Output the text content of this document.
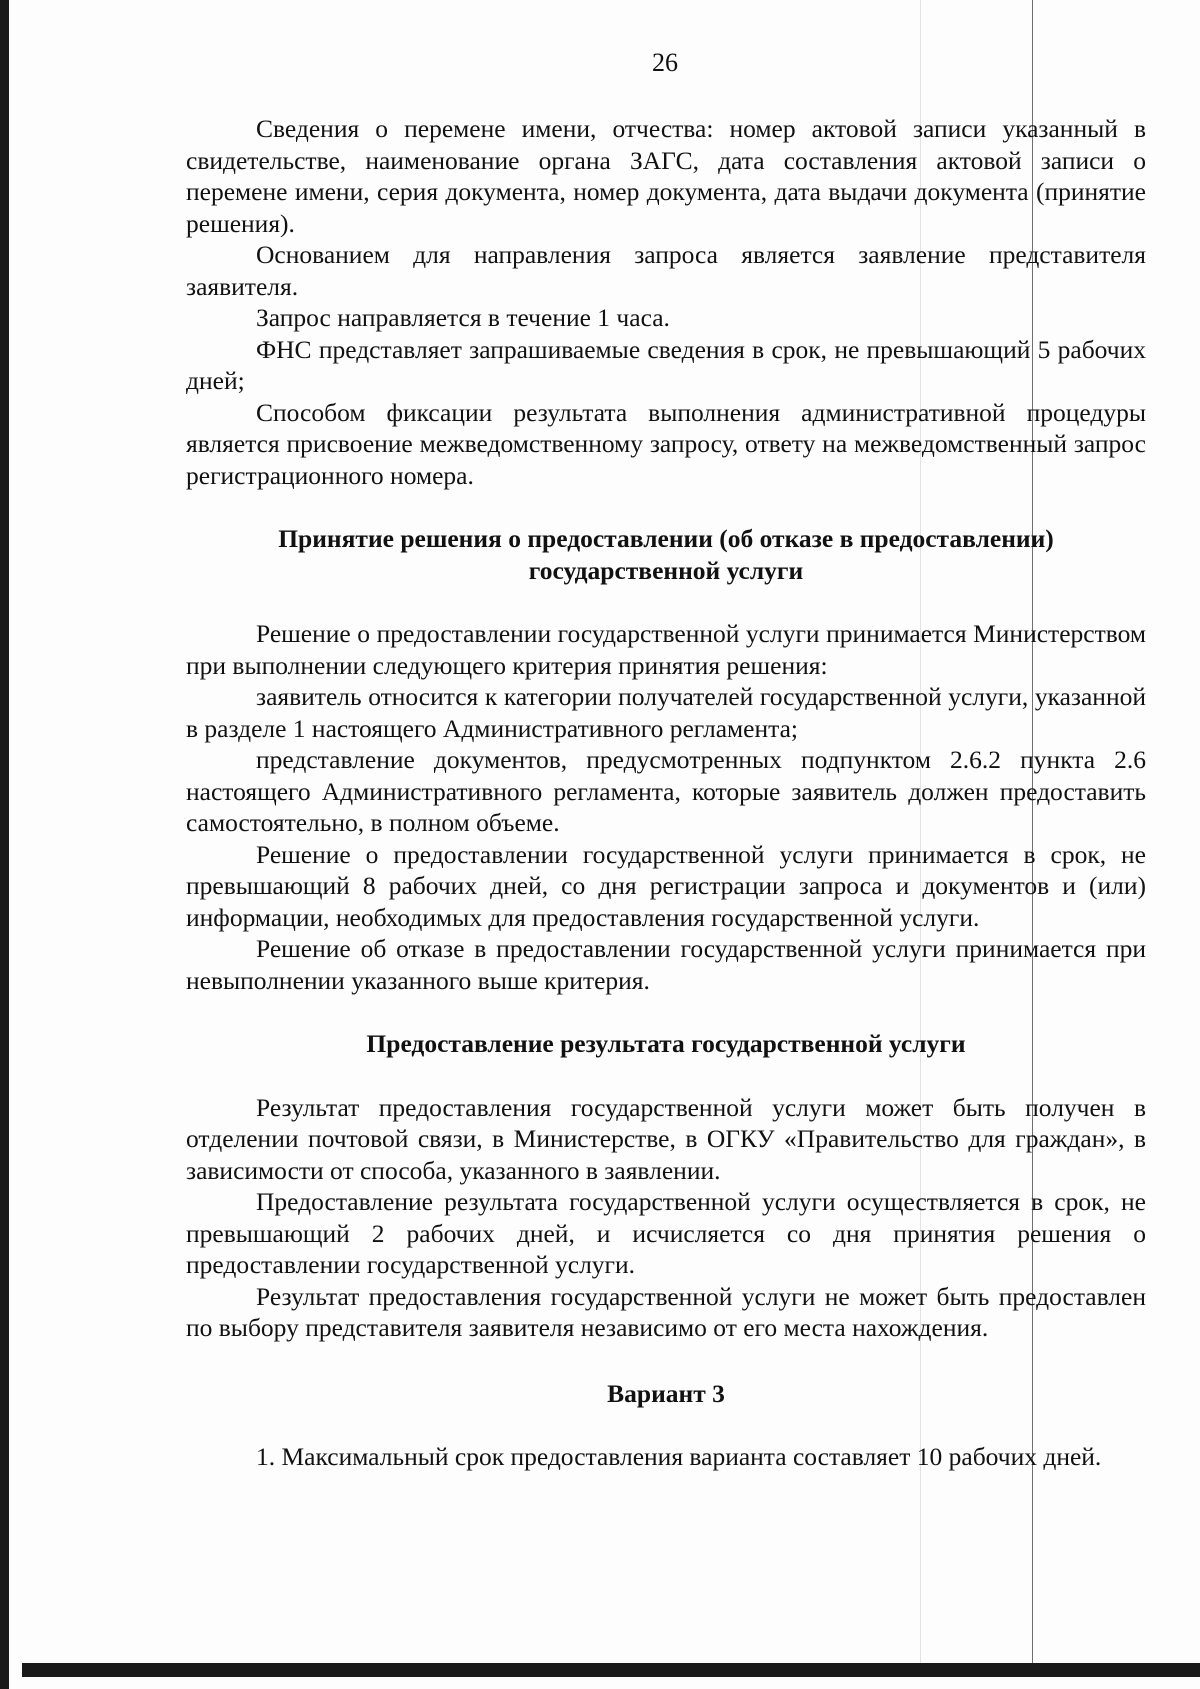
26

Сведения о перемене имени, отчества: номер актовой записи указанный в свидетельстве, наименование органа ЗАГС, дата составления актовой записи о перемене имени, серия документа, номер документа, дата выдачи документа (принятие решения).

Основанием для направления запроса является заявление представителя заявителя.

Запрос направляется в течение 1 часа.

ФНС представляет запрашиваемые сведения в срок, не превышающий 5 рабочих дней;

Способом фиксации результата выполнения административной процедуры является присвоение межведомственному запросу, ответу на межведомственный запрос регистрационного номера.

Принятие решения о предоставлении (об отказе в предоставлении) государственной услуги

Решение о предоставлении государственной услуги принимается Министерством при выполнении следующего критерия принятия решения:

заявитель относится к категории получателей государственной услуги, указанной в разделе 1 настоящего Административного регламента;

представление документов, предусмотренных подпунктом 2.6.2 пункта 2.6 настоящего Административного регламента, которые заявитель должен предоставить самостоятельно, в полном объеме.

Решение о предоставлении государственной услуги принимается в срок, не превышающий 8 рабочих дней, со дня регистрации запроса и документов и (или) информации, необходимых для предоставления государственной услуги.

Решение об отказе в предоставлении государственной услуги принимается при невыполнении указанного выше критерия.

Предоставление результата государственной услуги

Результат предоставления государственной услуги может быть получен в отделении почтовой связи, в Министерстве, в ОГКУ «Правительство для граждан», в зависимости от способа, указанного в заявлении.

Предоставление результата государственной услуги осуществляется в срок, не превышающий 2 рабочих дней, и исчисляется со дня принятия решения о предоставлении государственной услуги.

Результат предоставления государственной услуги не может быть предоставлен по выбору представителя заявителя независимо от его места нахождения.

Вариант 3

1. Максимальный срок предоставления варианта составляет 10 рабочих дней.
